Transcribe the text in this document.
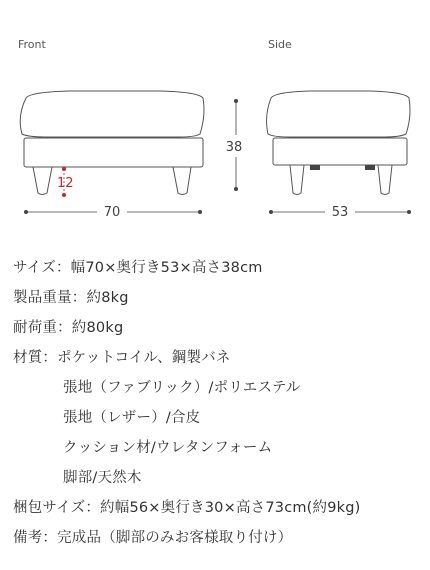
Front	Side
12
70
38
53
サイズ：幅70×奥行き53×高さ38cm
製品重量：約8kg
耐荷重：約80kg
材質：ポケットコイル、鋼製バネ
張地（ファブリック）/ポリエステル
張地（レザー）/合皮
クッション材/ウレタンフォーム
脚部/天然木
梱包サイズ：約幅56×奥行き30×高さ73cm(約9kg)
備考：完成品（脚部のみお客様取り付け）
